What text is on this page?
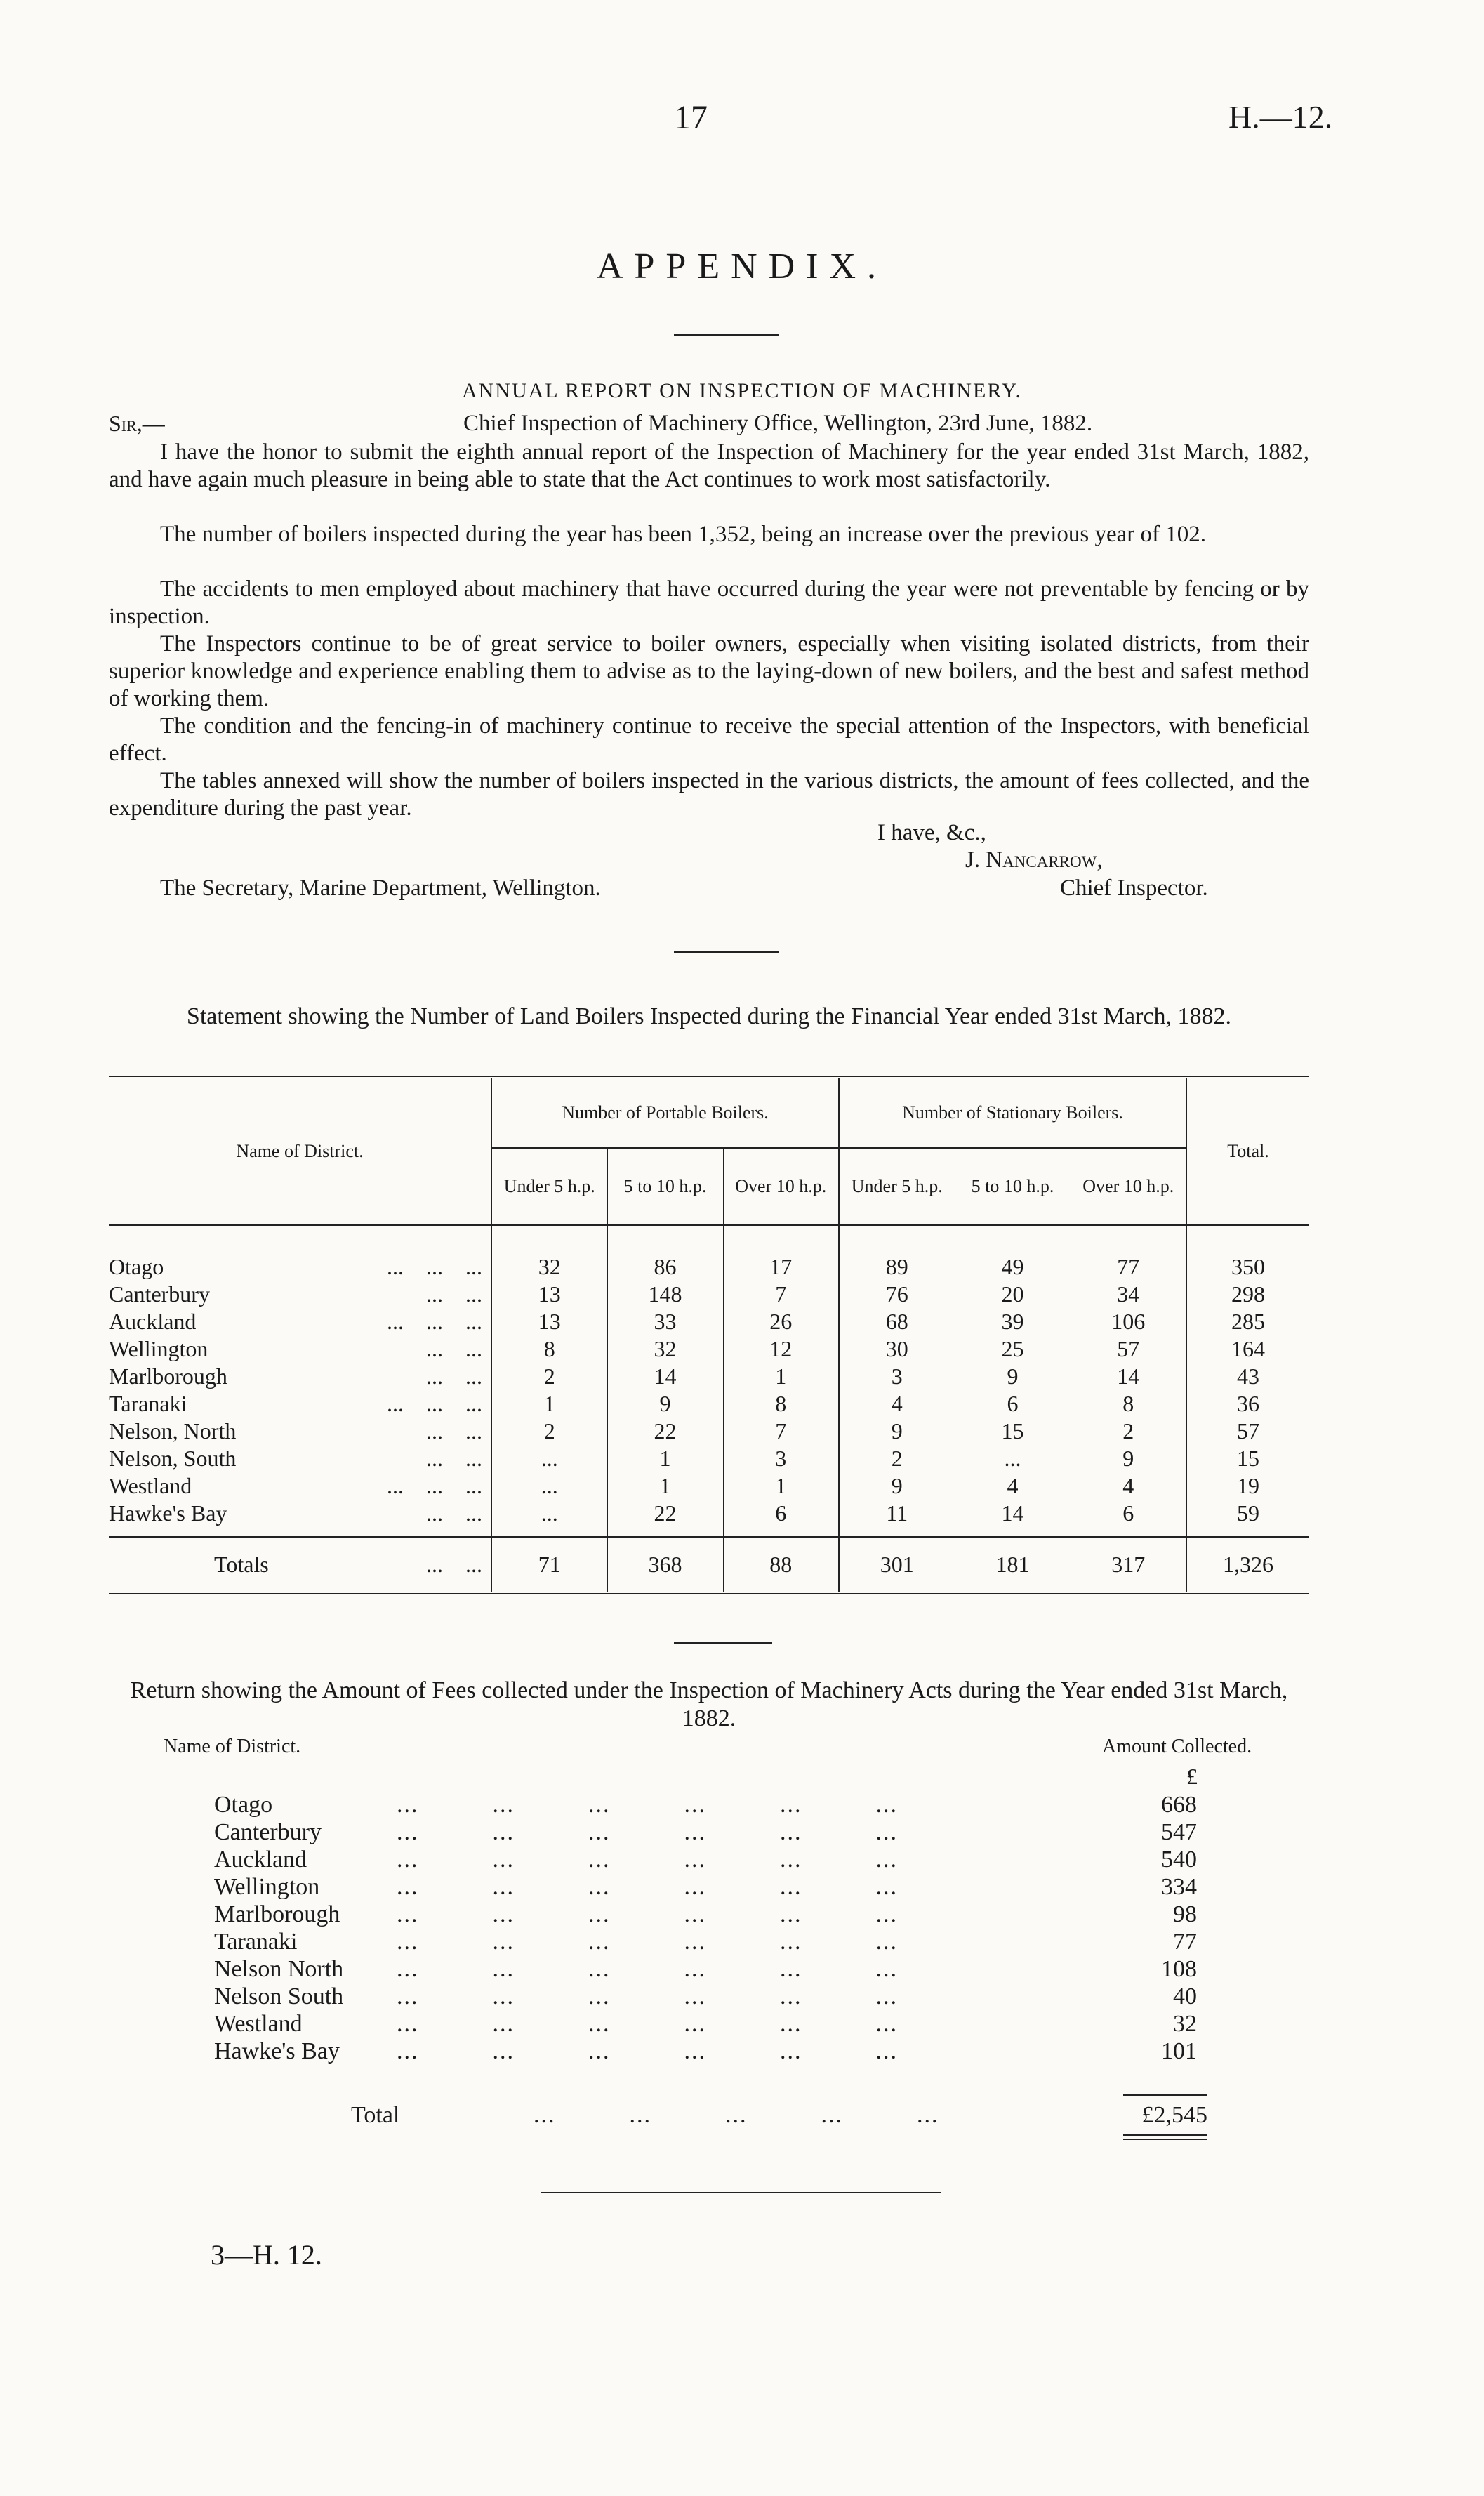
17	H.—12.
APPENDIX.
ANNUAL REPORT ON INSPECTION OF MACHINERY.
Sir,—	Chief Inspection of Machinery Office, Wellington, 23rd June, 1882.
I have the honor to submit the eighth annual report of the Inspection of Machinery for the year ended 31st March, 1882, and have again much pleasure in being able to state that the Act continues to work most satisfactorily.
The number of boilers inspected during the year has been 1,352, being an increase over the previous year of 102.
The accidents to men employed about machinery that have occurred during the year were not preventable by fencing or by inspection.
The Inspectors continue to be of great service to boiler owners, especially when visiting isolated districts, from their superior knowledge and experience enabling them to advise as to the laying-down of new boilers, and the best and safest method of working them.
The condition and the fencing-in of machinery continue to receive the special attention of the Inspectors, with beneficial effect.
The tables annexed will show the number of boilers inspected in the various districts, the amount of fees collected, and the expenditure during the past year.
I have, &c.,
J. Nancarrow,
The Secretary, Marine Department, Wellington.	Chief Inspector.
Statement showing the Number of Land Boilers Inspected during the Financial Year ended 31st March, 1882.
Name of District.	Number of Portable Boilers.			Number of Stationary Boilers.			Total.
	Under 5 h.p.	5 to 10 h.p.	Over 10 h.p.	Under 5 h.p.	5 to 10 h.p.	Over 10 h.p.	
Otago ...    ...    ...	32	86	17	89	49	77	350
Canterbury ...    ...	13	148	7	76	20	34	298
Auckland ...    ...    ...	13	33	26	68	39	106	285
Wellington ...    ...	8	32	12	30	25	57	164
Marlborough ...    ...	2	14	1	3	9	14	43
Taranaki ...    ...    ...	1	9	8	4	6	8	36
Nelson, North ...    ...	2	22	7	9	15	2	57
Nelson, South ...    ...	...	1	3	2	...	9	15
Westland ...    ...    ...	...	1	1	9	4	4	19
Hawke's Bay ...    ...	...	22	6	11	14	6	59

Totals ...    ...	71	368	88	301	181	317	1,326
Return showing the Amount of Fees collected under the Inspection of Machinery Acts during the Year ended 31st March, 1882.
Name of District.	Amount Collected.
£
Otago	...          ...          ...          ...          ...          ...	668
Canterbury	...          ...          ...          ...          ...          ...	547
Auckland	...          ...          ...          ...          ...          ...	540
Wellington	...          ...          ...          ...          ...          ...	334
Marlborough ...          ...          ...          ...          ...          ...	98
Taranaki	...          ...          ...          ...          ...          ...	77
Nelson North ...          ...          ...          ...          ...          ...	108
Nelson South ...          ...          ...          ...          ...          ...	40
Westland	...          ...          ...          ...          ...          ...	32
Hawke's Bay ...          ...          ...          ...          ...          ...	101
Total	...          ...          ...          ...          ...	£2,545
3—H. 12.
